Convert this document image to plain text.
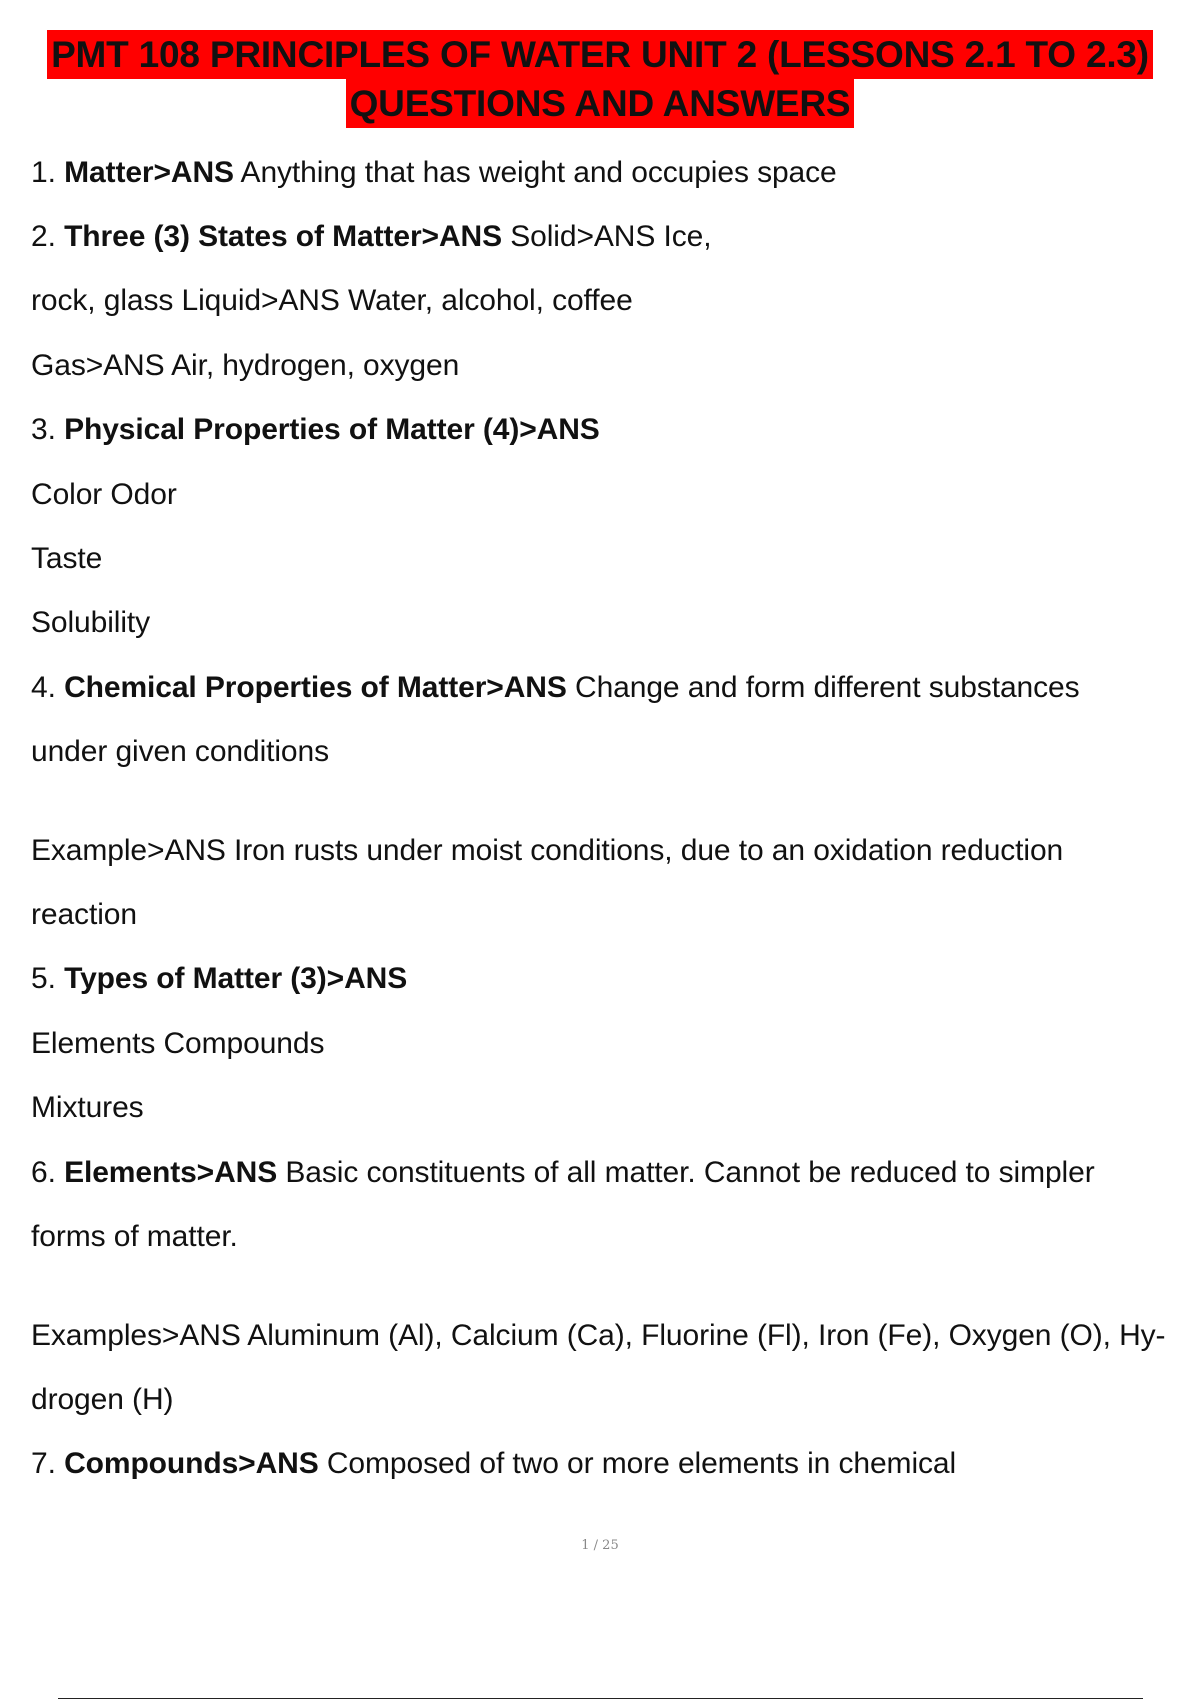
PMT 108 PRINCIPLES OF WATER UNIT 2 (LESSONS 2.1 TO 2.3)
QUESTIONS AND ANSWERS
1. Matter>ANS Anything that has weight and occupies space
2. Three (3) States of Matter>ANS Solid>ANS Ice,
rock, glass Liquid>ANS Water, alcohol, coffee
Gas>ANS Air, hydrogen, oxygen
3. Physical Properties of Matter (4)>ANS
Color Odor
Taste
Solubility
4. Chemical Properties of Matter>ANS Change and form different substances
under given conditions
Example>ANS Iron rusts under moist conditions, due to an oxidation reduction
reaction
5. Types of Matter (3)>ANS
Elements Compounds
Mixtures
6. Elements>ANS Basic constituents of all matter. Cannot be reduced to simpler
forms of matter.
Examples>ANS Aluminum (Al), Calcium (Ca), Fluorine (Fl), Iron (Fe), Oxygen (O), Hy-
drogen (H)
7. Compounds>ANS Composed of two or more elements in chemical
1 / 25
